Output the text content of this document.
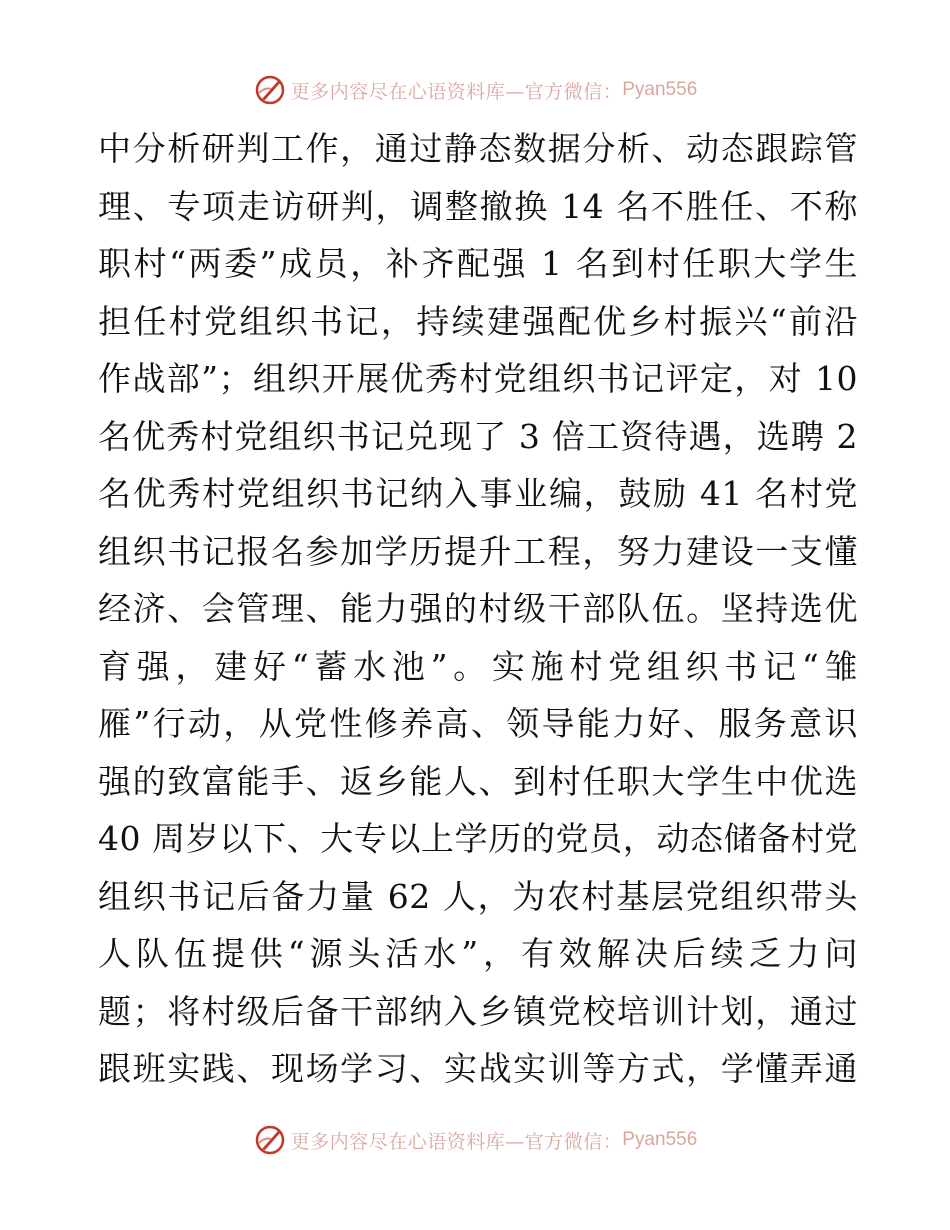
更多内容尽在心语资料库—官方微信： Pyan556
中分析研判工作，通过静态数据分析、动态跟踪管
理、专项走访研判，调整撤换 14 名不胜任、不称
职村“两委”成员，补齐配强 1 名到村任职大学生
担任村党组织书记，持续建强配优乡村振兴“前沿
作战部”；组织开展优秀村党组织书记评定，对 10
名优秀村党组织书记兑现了 3 倍工资待遇，选聘 2
名优秀村党组织书记纳入事业编，鼓励 41 名村党
组织书记报名参加学历提升工程，努力建设一支懂
经济、会管理、能力强的村级干部队伍。坚持选优
育强，建好“蓄水池”。实施村党组织书记“雏
雁”行动，从党性修养高、领导能力好、服务意识
强的致富能手、返乡能人、到村任职大学生中优选
40 周岁以下、大专以上学历的党员，动态储备村党
组织书记后备力量 62 人，为农村基层党组织带头
人队伍提供“源头活水”，有效解决后续乏力问
题；将村级后备干部纳入乡镇党校培训计划，通过
跟班实践、现场学习、实战实训等方式，学懂弄通
更多内容尽在心语资料库—官方微信： Pyan556
